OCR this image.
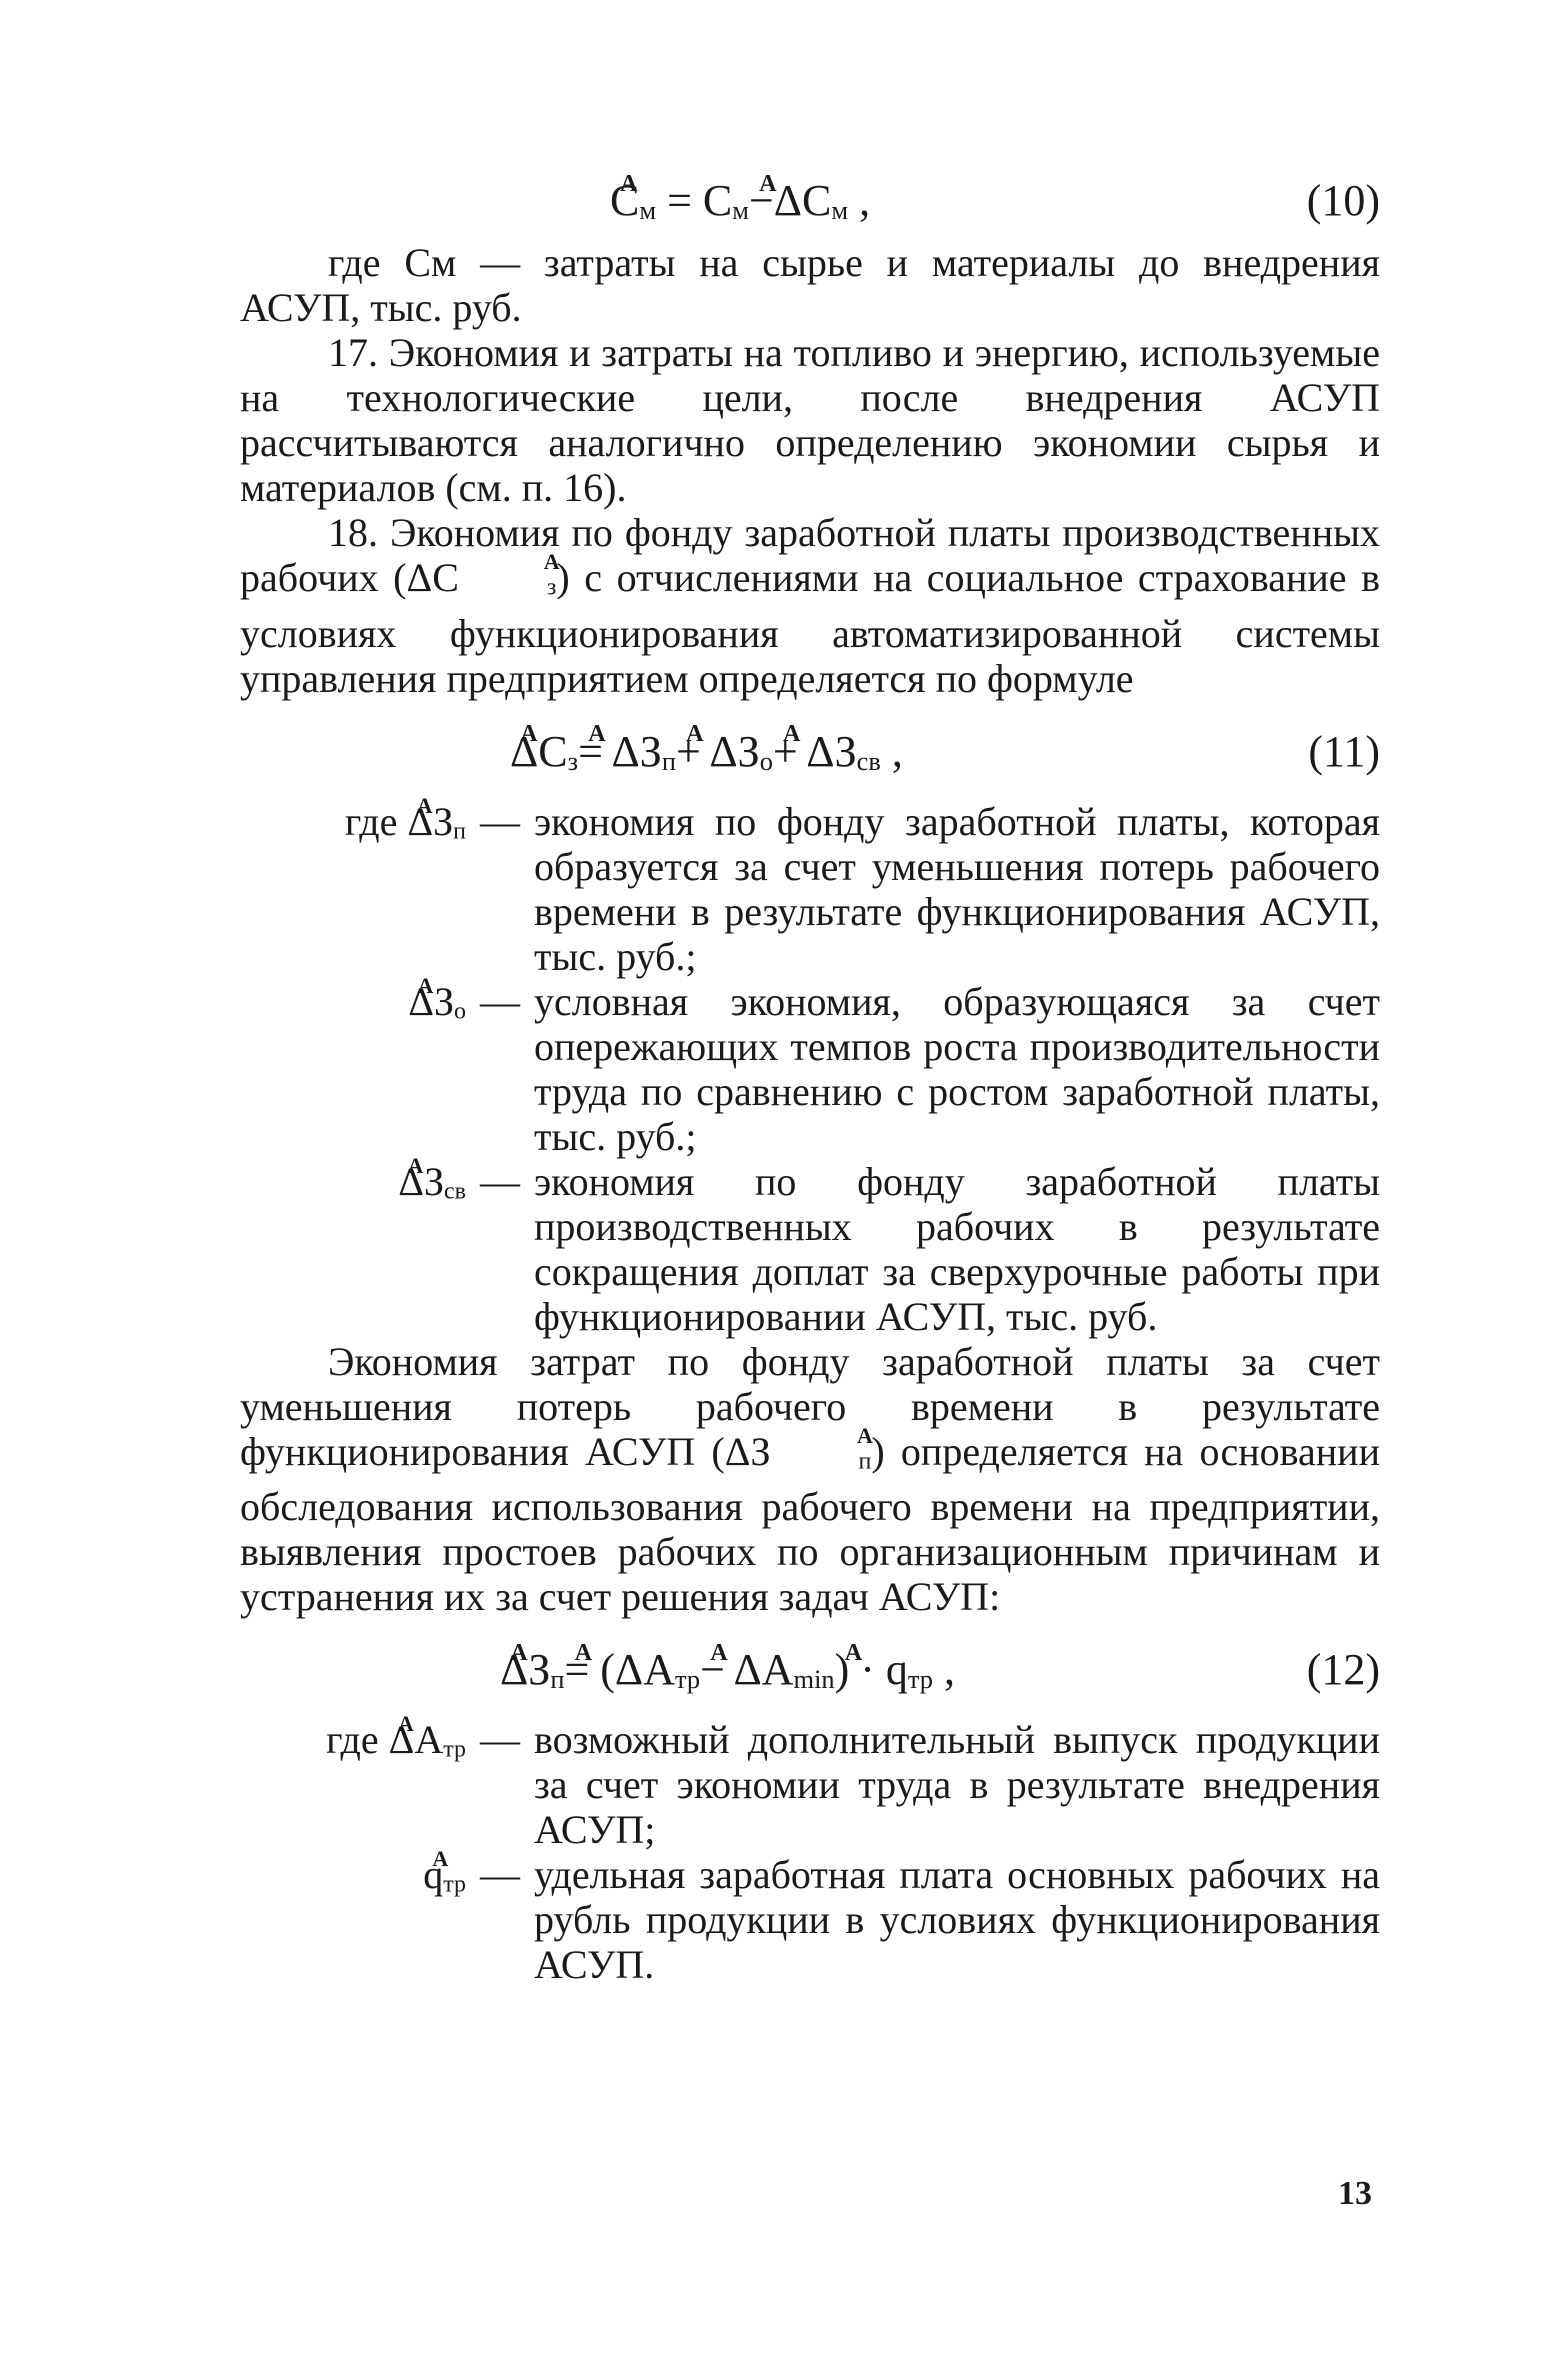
A $С_м = С_мA -\Delta С_м$ ,	(10)

где См — затраты на сырье и материалы до внедрения АСУП, тыс. руб.

17. Экономия и затраты на топливо и энергию, используемые на технологические цели, после внедрения АСУП рассчитываются аналогично определению экономии сырья и материалов (см. п. 16).

18. Экономия по фонду заработной платы производственных рабочих (ΔС	A $_з$) с отчислениями на социальное страхование в условиях функционирования автоматизированной системы управления предприятием определяется по формуле

A $\Delta С_зA = \Delta З_пA + \Delta З_оA + \Delta З_{св}$ ,	(11)
где A $\Delta З_п$ — экономия по фонду заработной платы, которая образуется за счет уменьшения потерь рабочего времени в результате функционирования АСУП, тыс. руб.;
A $\Delta З_о$ — условная экономия, образующаяся за счет опережающих темпов роста производительности труда по сравнению с ростом заработной платы, тыс. руб.;
A $\Delta З_{св}$ — экономия по фонду заработной платы производственных рабочих в результате сокращения доплат за сверхурочные работы при функционировании АСУП, тыс. руб.

Экономия затрат по фонду заработной платы за счет уменьшения потерь рабочего времени в результате функционирования АСУП (ΔЗ	A $_п$) определяется на основании обследования использования рабочего времени на предприятии, выявления простоев рабочих по организационным причинам и устранения их за счет решения задач АСУП:

A $\Delta З_пA = (\Delta А_{тр}A - \Delta А_{min}A$ ) · $q_{тр}$ ,	(12)
где A $\Delta А_{тр}$ — возможный дополнительный выпуск продукции за счет экономии труда в результате внедрения АСУП;
A $q_{тр}$ — удельная заработная плата основных рабочих на рубль продукции в условиях функционирования АСУП.
13
